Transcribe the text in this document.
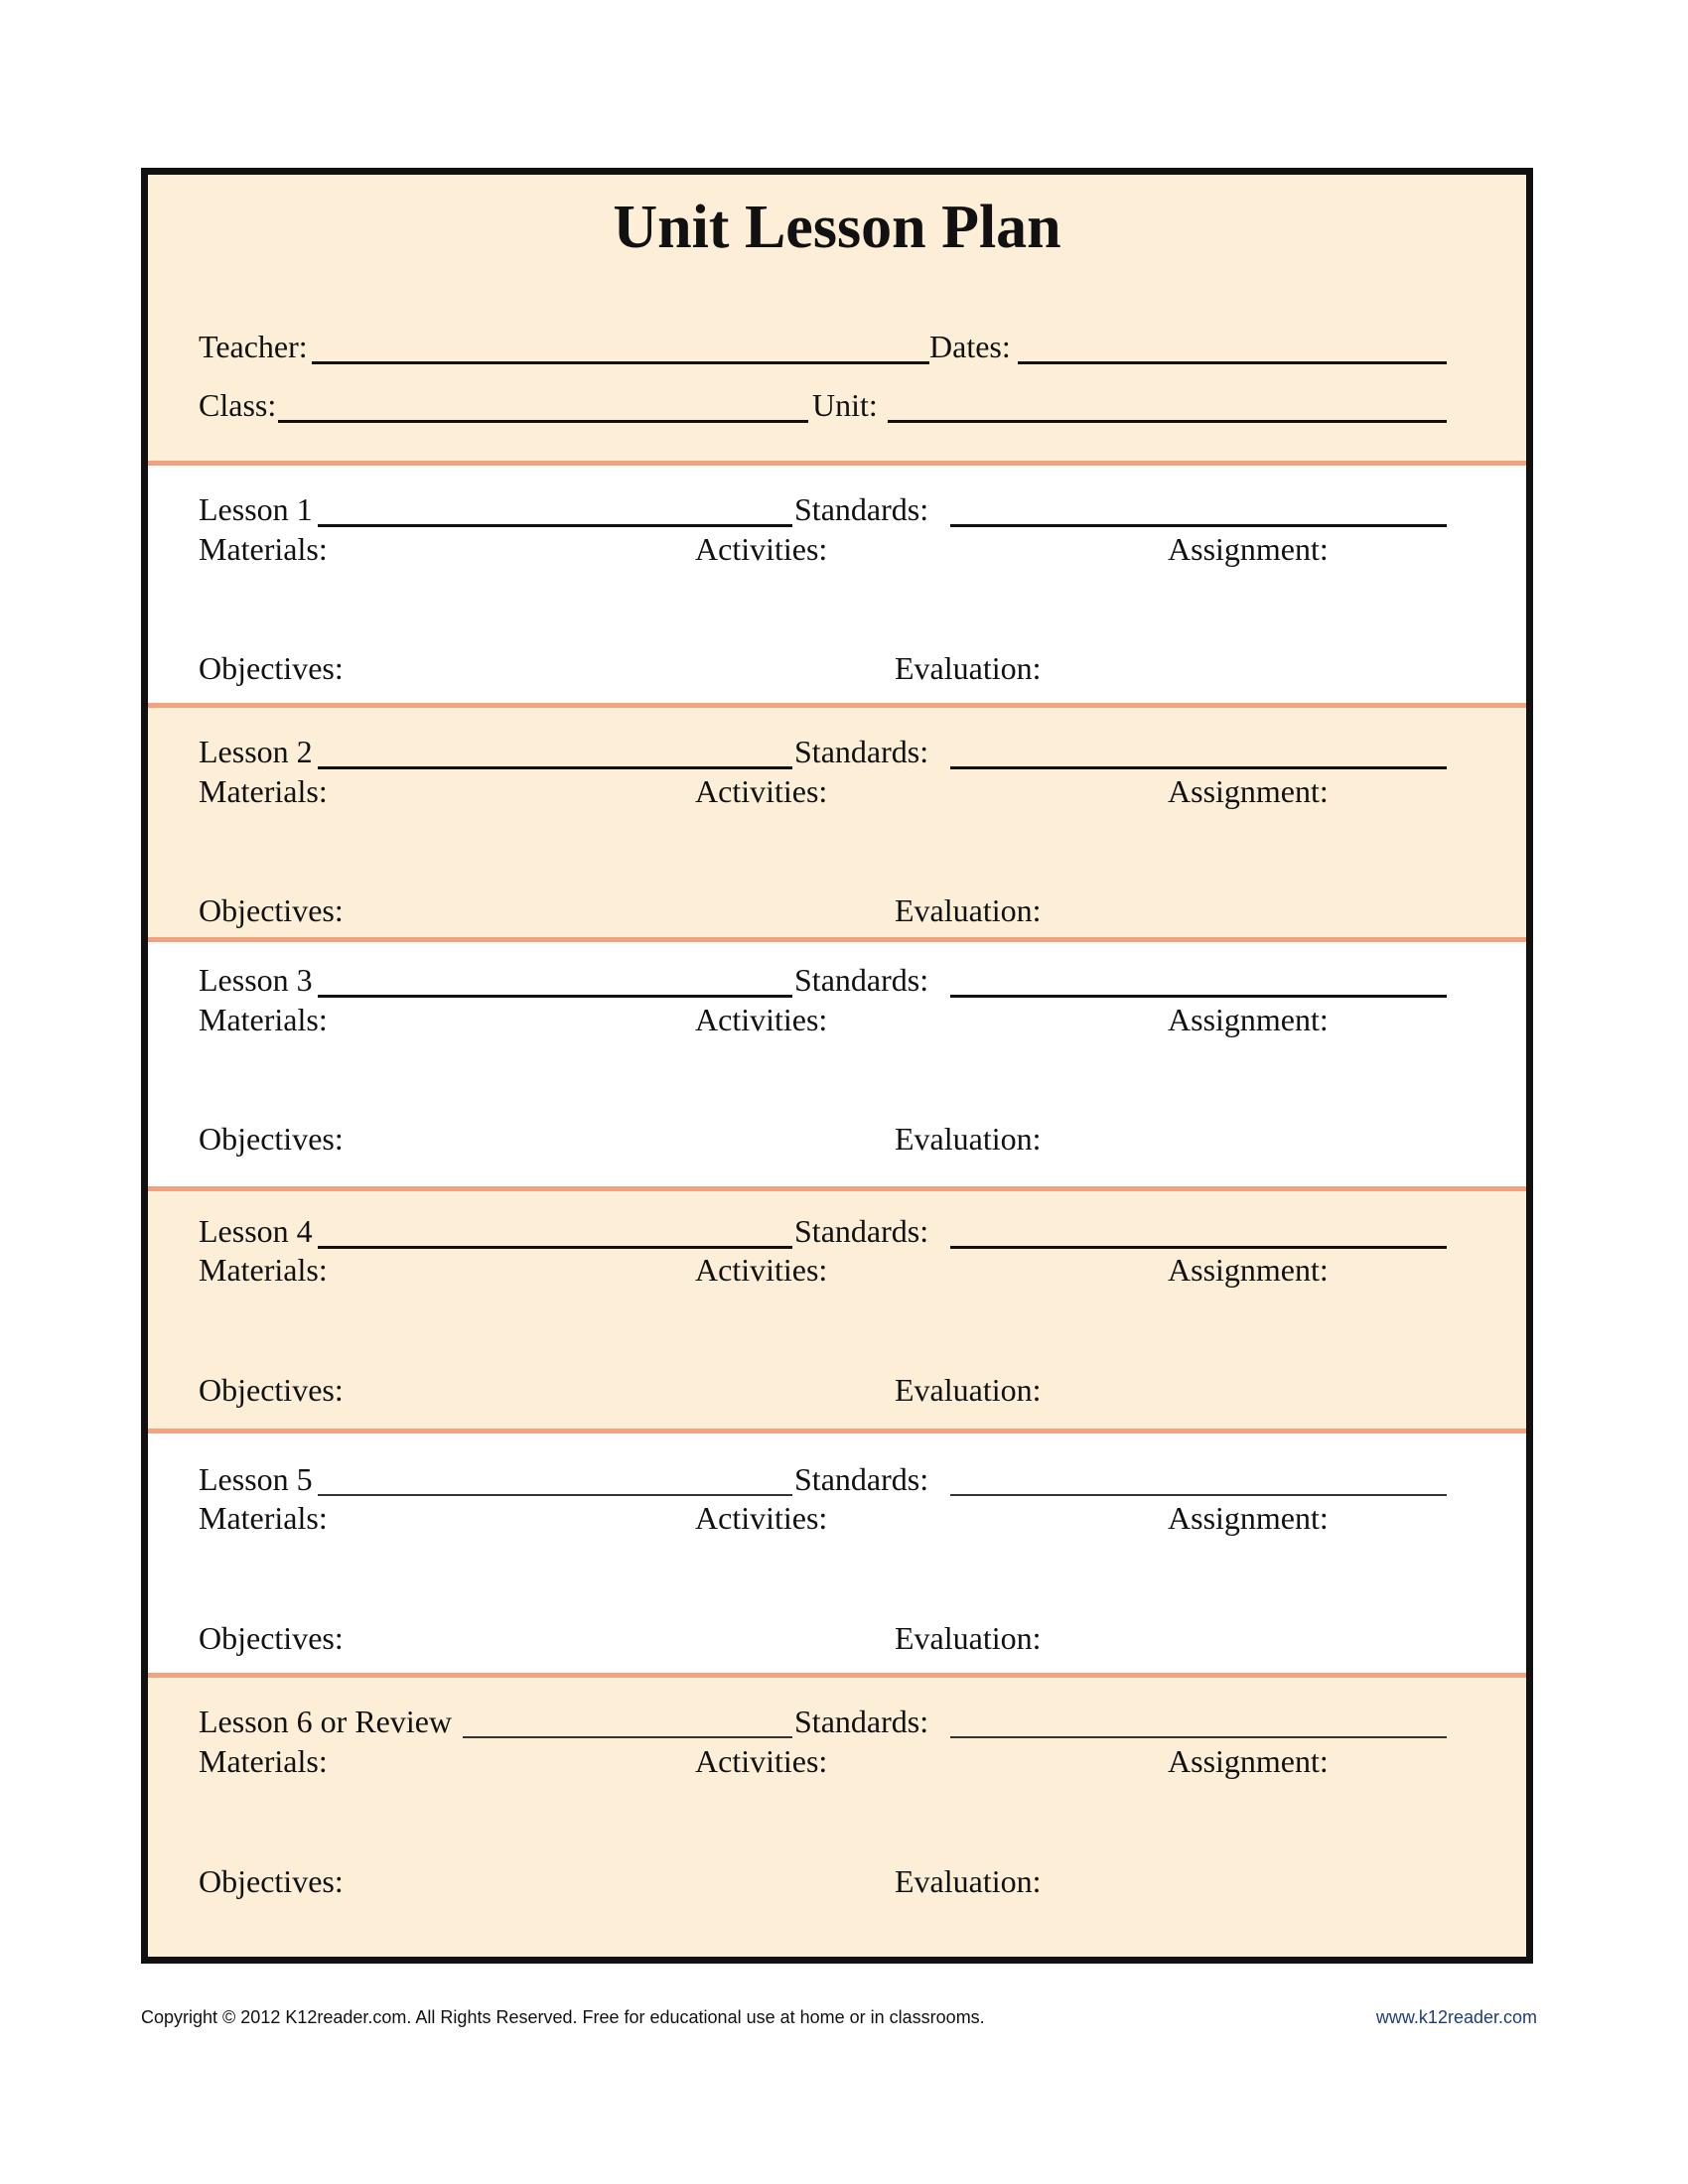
Unit Lesson Plan
Teacher:	Dates:
Class:	Unit:
Lesson 1	Standards:
Materials:	Activities:	Assignment:
Objectives:	Evaluation:
Lesson 2	Standards:
Materials:	Activities:	Assignment:
Objectives:	Evaluation:
Lesson 3	Standards:
Materials:	Activities:	Assignment:
Objectives:	Evaluation:
Lesson 4	Standards:
Materials:	Activities:	Assignment:
Objectives:	Evaluation:
Lesson 5	Standards:
Materials:	Activities:	Assignment:
Objectives:	Evaluation:
Lesson 6 or Review	Standards:
Materials:	Activities:	Assignment:
Objectives:	Evaluation:
Copyright © 2012 K12reader.com. All Rights Reserved. Free for educational use at home or in classrooms.	www.k12reader.com
